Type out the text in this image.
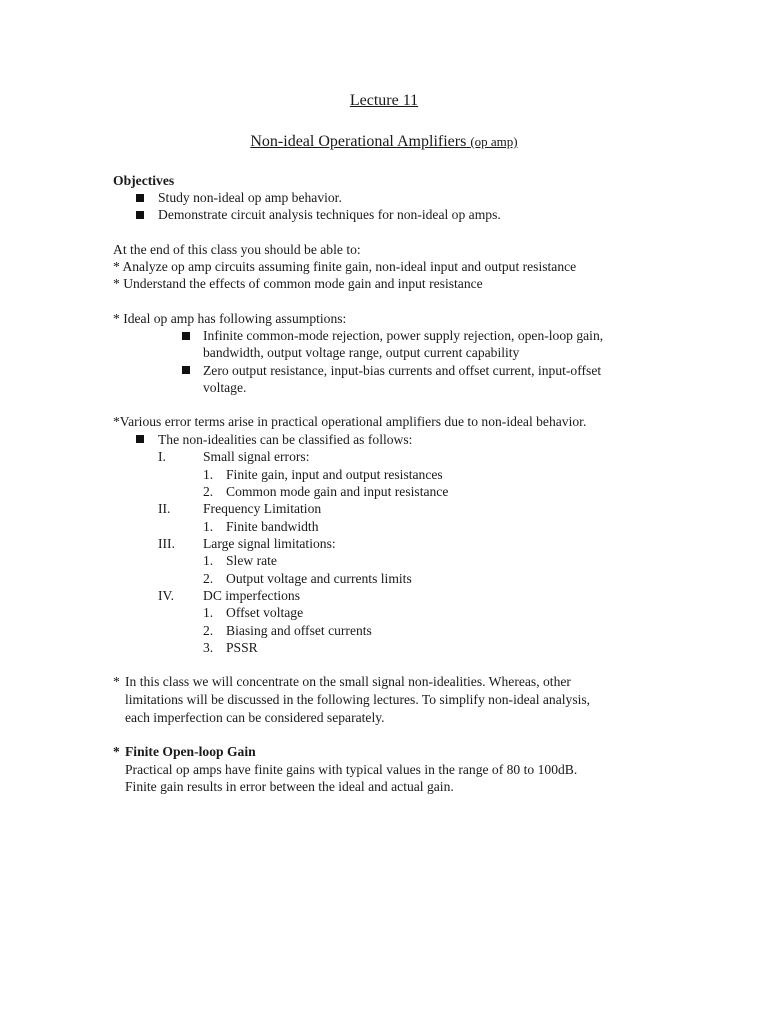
Lecture 11
Non-ideal Operational Amplifiers (op amp)
Objectives
Study non-ideal op amp behavior.
Demonstrate circuit analysis techniques for non-ideal op amps.
At the end of this class you should be able to:
* Analyze op amp circuits assuming finite gain, non-ideal input and output resistance
* Understand the effects of common mode gain and input resistance
* Ideal op amp has following assumptions:
Infinite common-mode rejection, power supply rejection, open-loop gain,
bandwidth, output voltage range, output current capability
Zero output resistance, input-bias currents and offset current, input-offset
voltage.
*Various error terms arise in practical operational amplifiers due to non-ideal behavior.
The non-idealities can be classified as follows:
I.	Small signal errors:
1. Finite gain, input and output resistances
2. Common mode gain and input resistance
II. Frequency Limitation
1. Finite bandwidth
III. Large signal limitations:
1. Slew rate
2. Output voltage and currents limits
IV. DC imperfections
1. Offset voltage
2. Biasing and offset currents
3. PSSR
* In this class we will concentrate on the small signal non-idealities. Whereas, other
limitations will be discussed in the following lectures. To simplify non-ideal analysis,
each imperfection can be considered separately.
* Finite Open-loop Gain
Practical op amps have finite gains with typical values in the range of 80 to 100dB.
Finite gain results in error between the ideal and actual gain.
